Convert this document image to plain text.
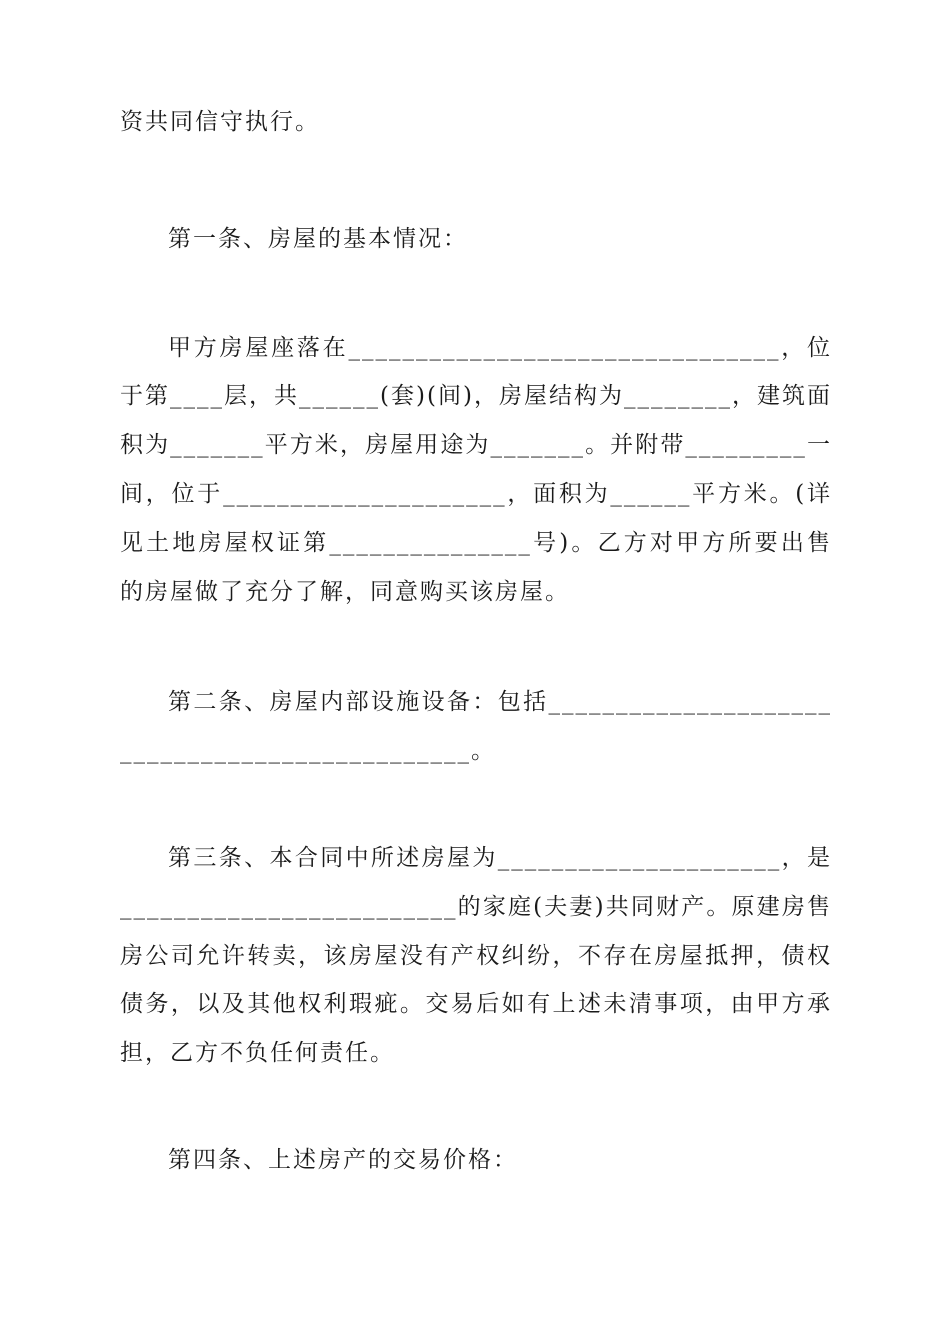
资共同信守执行。

第一条、房屋的基本情况：

甲方房屋座落在________________________________，位于第____层，共______(套)(间)，房屋结构为________，建筑面积为_______平方米，房屋用途为_______。并附带_________一间，位于_____________________，面积为______平方米。(详见土地房屋权证第_______________号)。乙方对甲方所要出售的房屋做了充分了解，同意购买该房屋。

第二条、房屋内部设施设备：包括_______________________________________________。

第三条、本合同中所述房屋为_____________________，是_________________________的家庭(夫妻)共同财产。原建房售房公司允许转卖，该房屋没有产权纠纷，不存在房屋抵押，债权债务，以及其他权利瑕疵。交易后如有上述未清事项，由甲方承担，乙方不负任何责任。

第四条、上述房产的交易价格：
